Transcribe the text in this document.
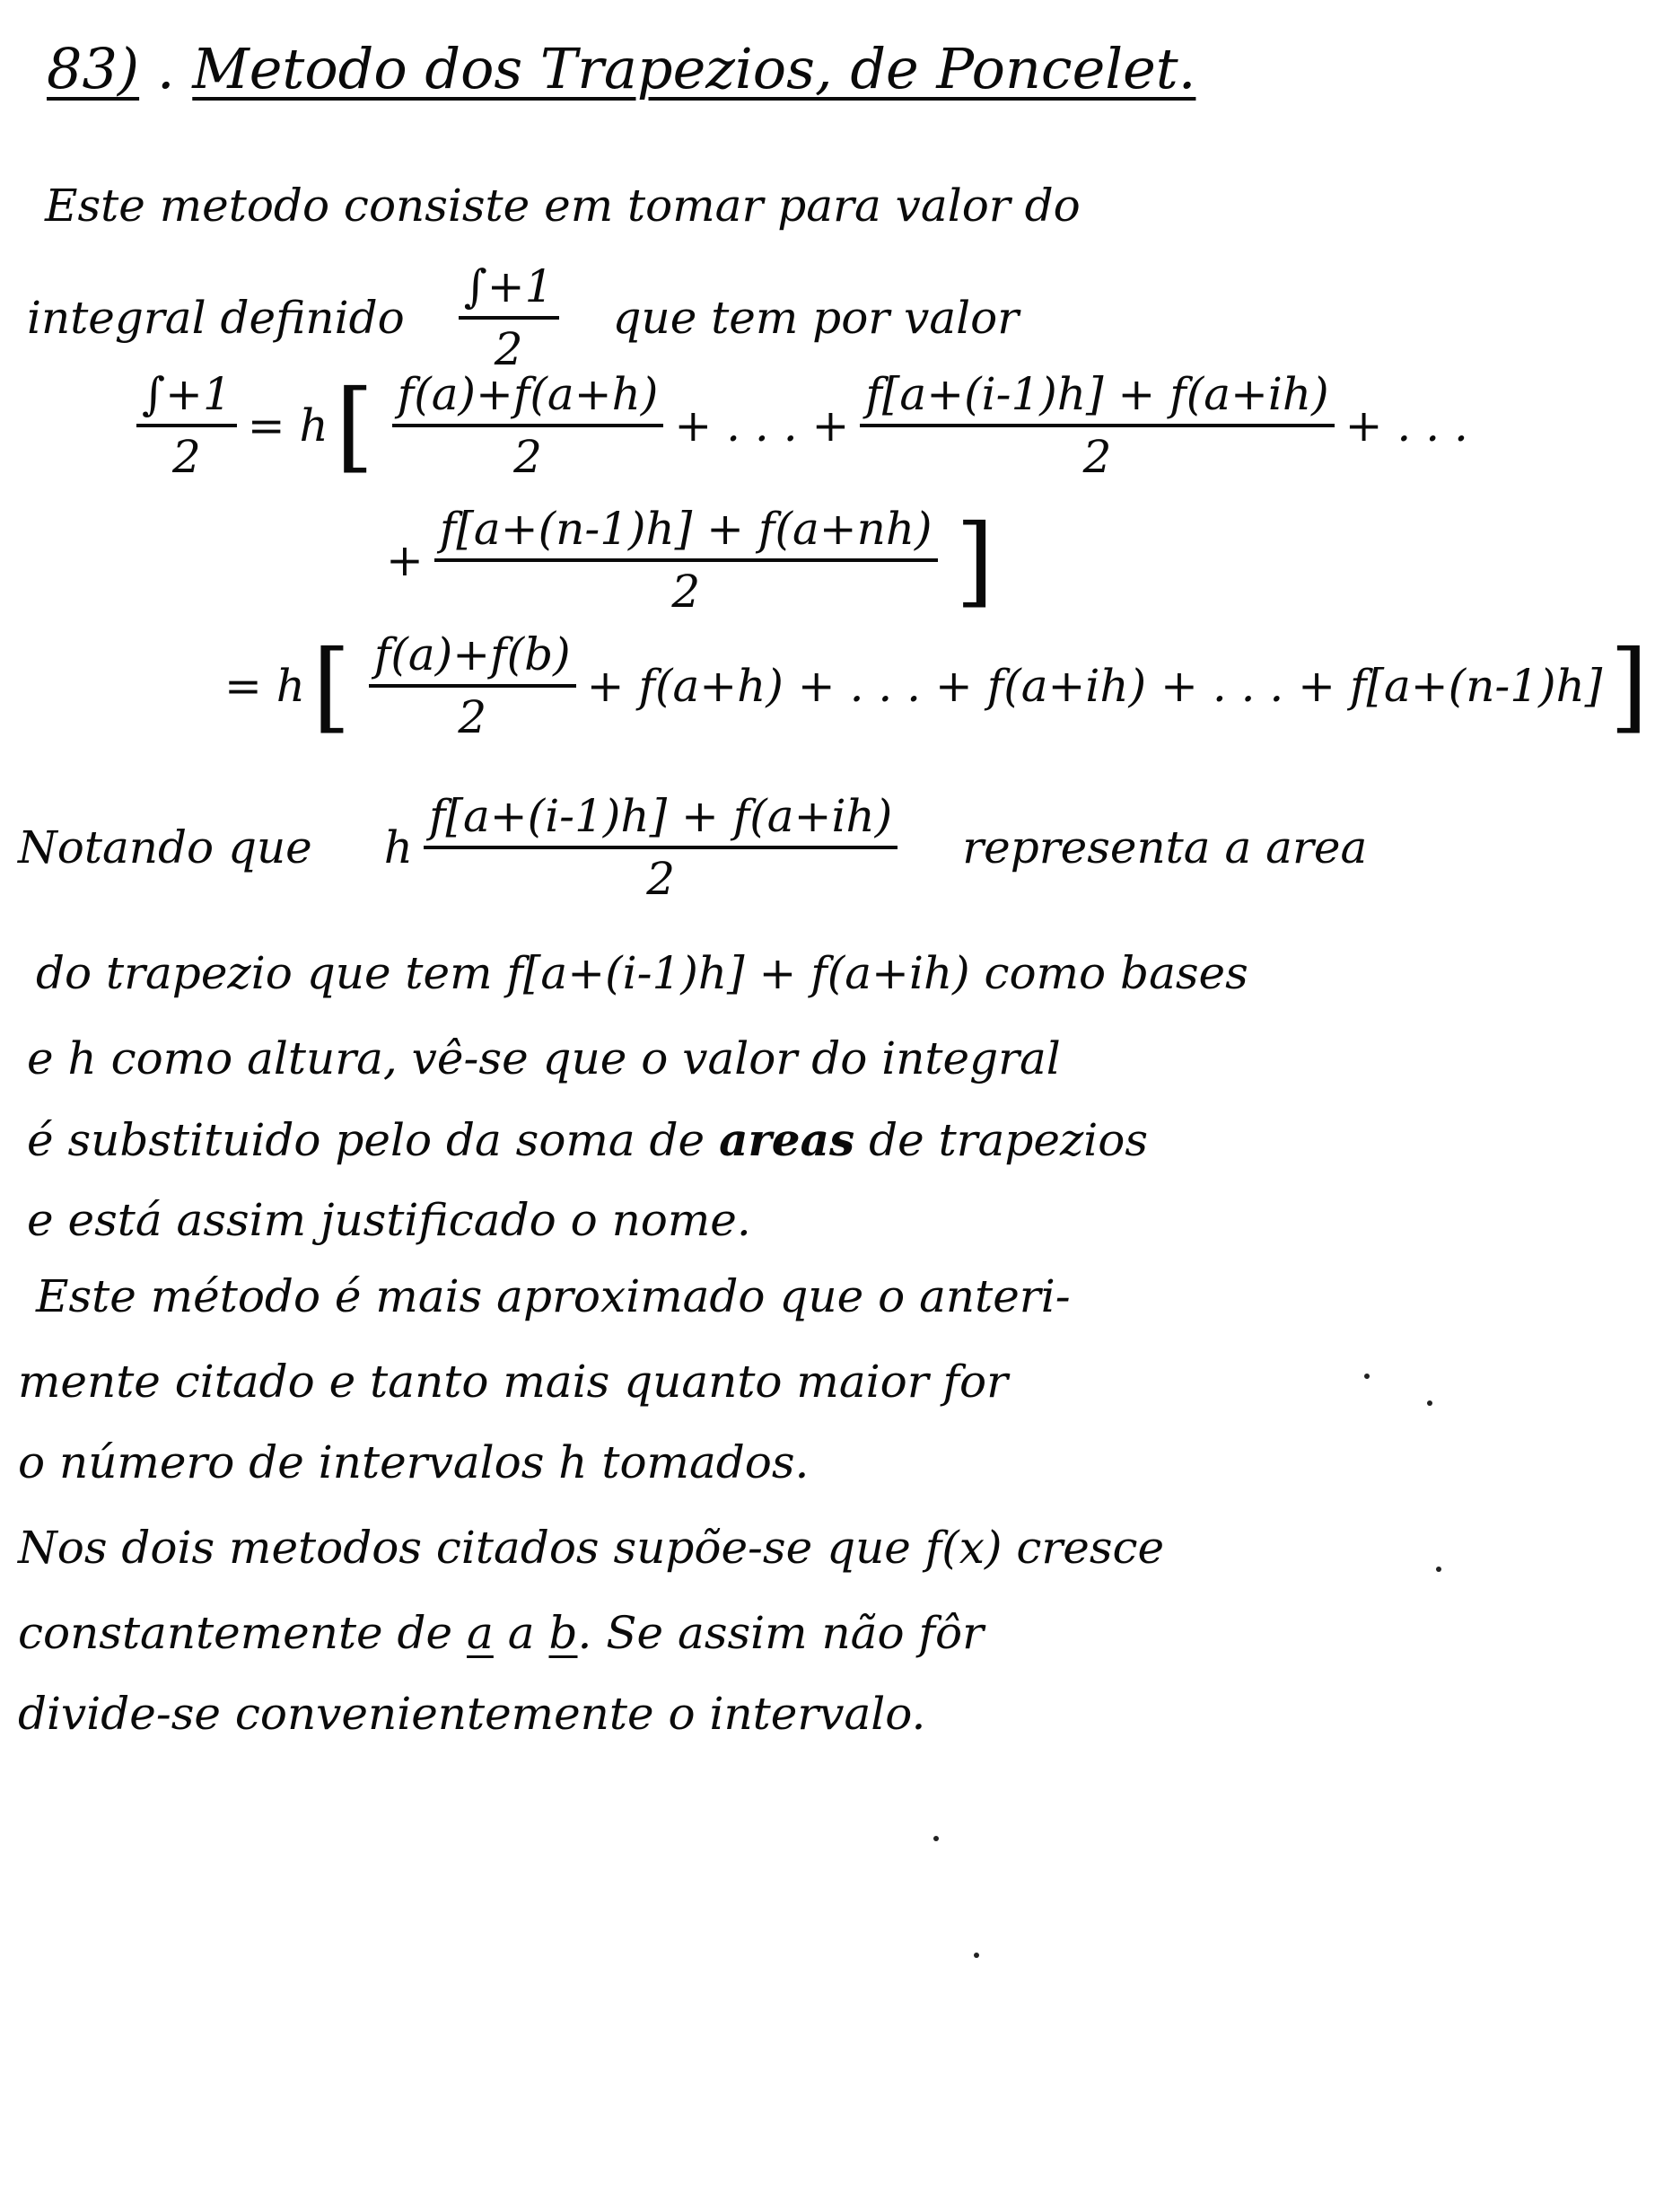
83) . Metodo dos Trapezios, de Poncelet.
Este metodo consiste em tomar para valor do
integral definido $\frac{\int+1}{2}$ que tem por valor
$\frac{\int+1}{2} = h$ [ $\frac{f(a)+f(a+h)}{2}$ + . . . + $\frac{f[a+(i-1)h] + f(a+ih)}{2}$ + . . .
+ $\frac{f[a+(n-1)h] + f(a+nh)}{2}$ ]
= h [ $\frac{f(a)+f(b)}{2} + f(a+h)$ + . . . + f(a+ih) + . . . + f[a+(n-1)h] ]
Notando que h $\frac{f[a+(i-1)h] + f(a+ih)}{2}$ representa a area
do trapezio que tem f[a+(i-1)h] + f(a+ih) como bases
e h como altura, vê-se que o valor do integral
é substituido pelo da soma de areas de trapezios
e está assim justificado o nome.
Este método é mais aproximado que o anteri-
mente citado e tanto mais quanto maior for
o número de intervalos h tomados.
Nos dois metodos citados supõe-se que f(x) cresce
constantemente de a a b. Se assim não fôr
divide-se convenientemente o intervalo.
